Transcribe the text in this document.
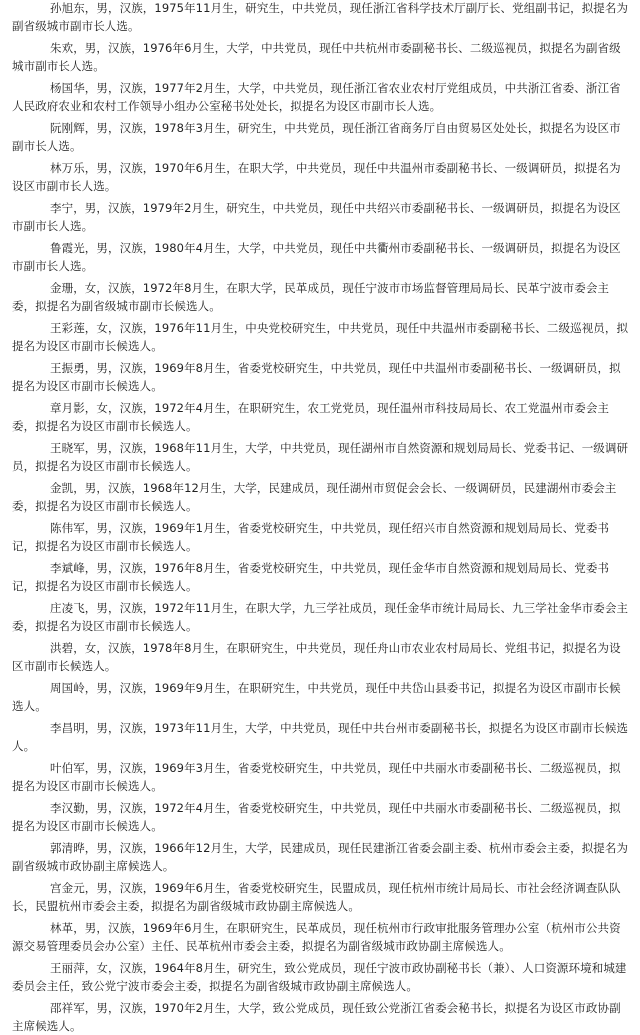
孙旭东，男，汉族，1975年11月生，研究生，中共党员，现任浙江省科学技术厅副厅长、党组副书记，拟提名为副省级城市副市长人选。

朱欢，男，汉族，1976年6月生，大学，中共党员，现任中共杭州市委副秘书长、二级巡视员，拟提名为副省级城市副市长人选。

杨国华，男，汉族，1977年2月生，大学，中共党员，现任浙江省农业农村厅党组成员，中共浙江省委、浙江省人民政府农业和农村工作领导小组办公室秘书处处长，拟提名为设区市副市长人选。

阮刚辉，男，汉族，1978年3月生，研究生，中共党员，现任浙江省商务厅自由贸易区处处长，拟提名为设区市副市长人选。

林万乐，男，汉族，1970年6月生，在职大学，中共党员，现任中共温州市委副秘书长、一级调研员，拟提名为设区市副市长人选。

李宁，男，汉族，1979年2月生，研究生，中共党员，现任中共绍兴市委副秘书长、一级调研员，拟提名为设区市副市长人选。

鲁霞光，男，汉族，1980年4月生，大学，中共党员，现任中共衢州市委副秘书长、一级调研员，拟提名为设区市副市长人选。

金珊，女，汉族，1972年8月生，在职大学，民革成员，现任宁波市市场监督管理局局长、民革宁波市委会主委，拟提名为副省级城市副市长候选人。

王彩莲，女，汉族，1976年11月生，中央党校研究生，中共党员，现任中共温州市委副秘书长、二级巡视员，拟提名为设区市副市长候选人。

王振勇，男，汉族，1969年8月生，省委党校研究生，中共党员，现任中共温州市委副秘书长、一级调研员，拟提名为设区市副市长候选人。

章月影，女，汉族，1972年4月生，在职研究生，农工党党员，现任温州市科技局局长、农工党温州市委会主委，拟提名为设区市副市长候选人。

王晓军，男，汉族，1968年11月生，大学，中共党员，现任湖州市自然资源和规划局局长、党委书记、一级调研员，拟提名为设区市副市长候选人。

金凯，男，汉族，1968年12月生，大学，民建成员，现任湖州市贸促会会长、一级调研员，民建湖州市委会主委，拟提名为设区市副市长候选人。

陈伟军，男，汉族，1969年1月生，省委党校研究生，中共党员，现任绍兴市自然资源和规划局局长、党委书记，拟提名为设区市副市长候选人。

李斌峰，男，汉族，1976年8月生，省委党校研究生，中共党员，现任金华市自然资源和规划局局长、党委书记，拟提名为设区市副市长候选人。

庄凌飞，男，汉族，1972年11月生，在职大学，九三学社成员，现任金华市统计局局长、九三学社金华市委会主委，拟提名为设区市副市长候选人。

洪碧，女，汉族，1978年8月生，在职研究生，中共党员，现任舟山市农业农村局局长、党组书记，拟提名为设区市副市长候选人。

周国岭，男，汉族，1969年9月生，在职研究生，中共党员，现任中共岱山县委书记，拟提名为设区市副市长候选人。

李昌明，男，汉族，1973年11月生，大学，中共党员，现任中共台州市委副秘书长，拟提名为设区市副市长候选人。

叶伯军，男，汉族，1969年3月生，省委党校研究生，中共党员，现任中共丽水市委副秘书长、二级巡视员，拟提名为设区市副市长候选人。

李汉勤，男，汉族，1972年4月生，省委党校研究生，中共党员，现任中共丽水市委副秘书长、二级巡视员，拟提名为设区市副市长候选人。

郭清晔，男，汉族，1966年12月生，大学，民建成员，现任民建浙江省委会副主委、杭州市委会主委，拟提名为副省级城市政协副主席候选人。

宫金元，男，汉族，1969年6月生，省委党校研究生，民盟成员，现任杭州市统计局局长、市社会经济调查队队长，民盟杭州市委会主委，拟提名为副省级城市政协副主席候选人。

林革，男，汉族，1969年6月生，在职研究生，民革成员，现任杭州市行政审批服务管理办公室（杭州市公共资源交易管理委员会办公室）主任、民革杭州市委会主委，拟提名为副省级城市政协副主席候选人。

王丽萍，女，汉族，1964年8月生，研究生，致公党成员，现任宁波市政协副秘书长（兼）、人口资源环境和城建委员会主任，致公党宁波市委会主委，拟提名为副省级城市政协副主席候选人。

邵祥军，男，汉族，1970年2月生，大学，致公党成员，现任致公党浙江省委会秘书长，拟提名为设区市政协副主席候选人。
